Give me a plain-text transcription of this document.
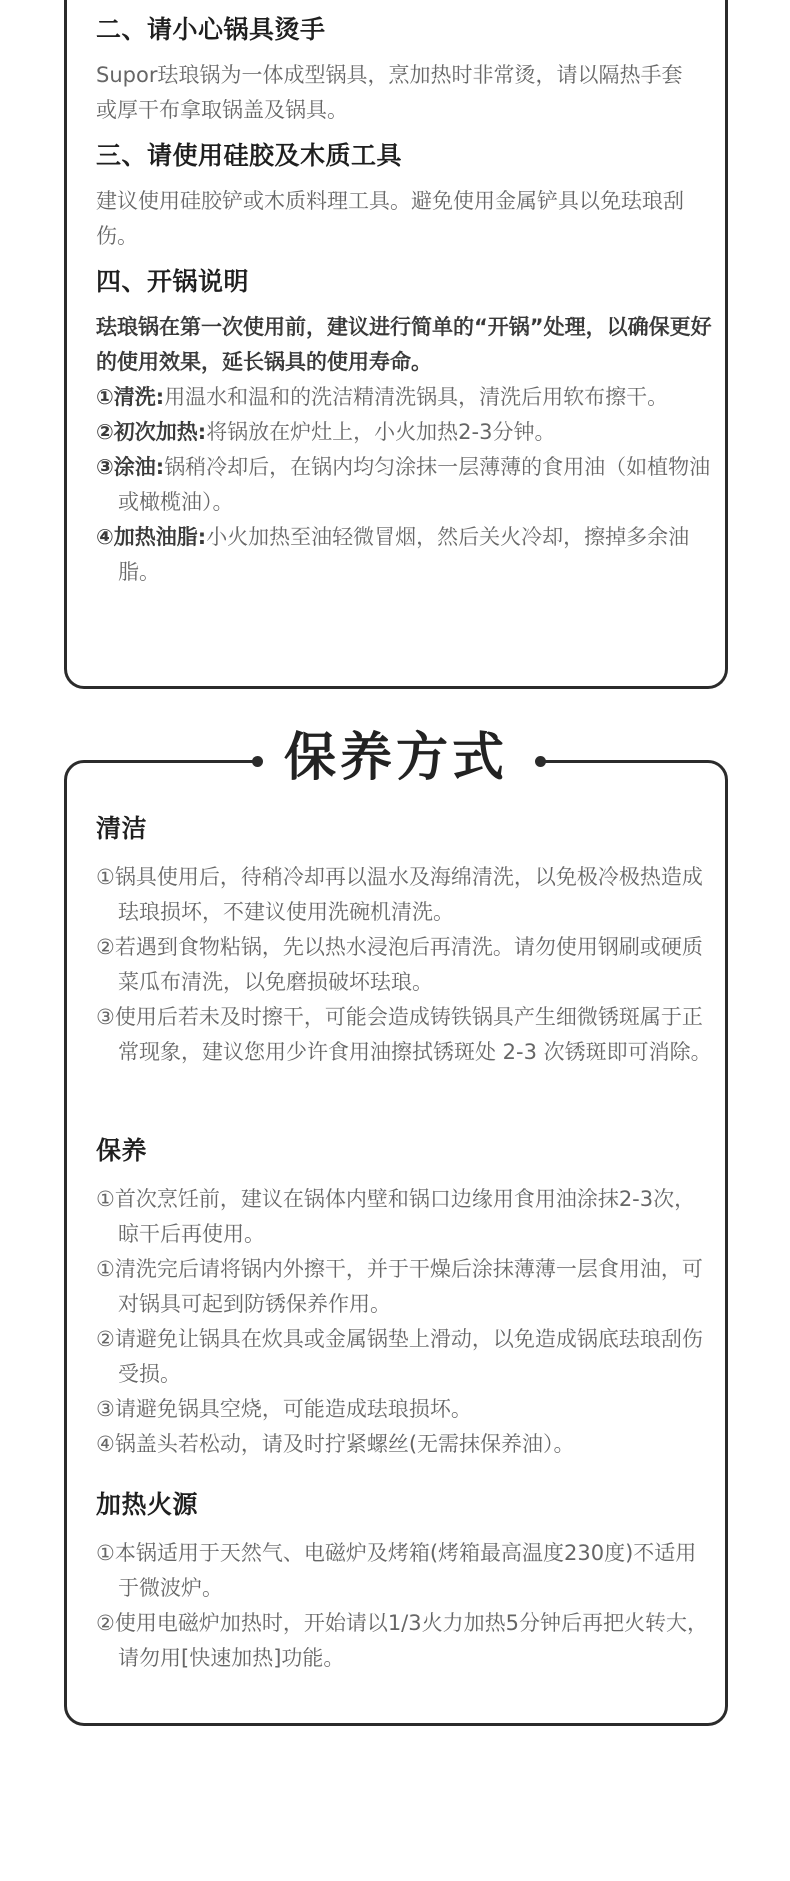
二、请小心锅具烫手
Supor珐琅锅为一体成型锅具，烹加热时非常烫，请以隔热手套或厚干布拿取锅盖及锅具。
三、请使用硅胶及木质工具
建议使用硅胶铲或木质料理工具。避免使用金属铲具以免珐琅刮伤。
四、开锅说明
珐琅锅在第一次使用前，建议进行简单的“开锅”处理，以确保更好的使用效果，延长锅具的使用寿命。
①清洗:用温水和温和的洗洁精清洗锅具，清洗后用软布擦干。
②初次加热:将锅放在炉灶上，小火加热2-3分钟。
③涂油:锅稍冷却后，在锅内均匀涂抹一层薄薄的食用油（如植物油或橄榄油）。
④加热油脂:小火加热至油轻微冒烟，然后关火冷却，擦掉多余油脂。
清洁
①锅具使用后，待稍冷却再以温水及海绵清洗，以免极冷极热造成珐琅损坏，不建议使用洗碗机清洗。
②若遇到食物粘锅，先以热水浸泡后再清洗。请勿使用钢刷或硬质菜瓜布清洗，以免磨损破坏珐琅。
③使用后若未及时擦干，可能会造成铸铁锅具产生细微锈斑属于正常现象，建议您用少许食用油擦拭锈斑处 2-3 次锈斑即可消除。
保养
①首次烹饪前，建议在锅体内壁和锅口边缘用食用油涂抹2-3次，晾干后再使用。
①清洗完后请将锅内外擦干，并于干燥后涂抹薄薄一层食用油，可对锅具可起到防锈保养作用。
②请避免让锅具在炊具或金属锅垫上滑动，以免造成锅底珐琅刮伤受损。
③请避免锅具空烧，可能造成珐琅损坏。
④锅盖头若松动，请及时拧紧螺丝(无需抹保养油）。
加热火源
①本锅适用于天然气、电磁炉及烤箱(烤箱最高温度230度)不适用于微波炉。
②使用电磁炉加热时，开始请以1/3火力加热5分钟后再把火转大，请勿用[快速加热]功能。
保养方式
